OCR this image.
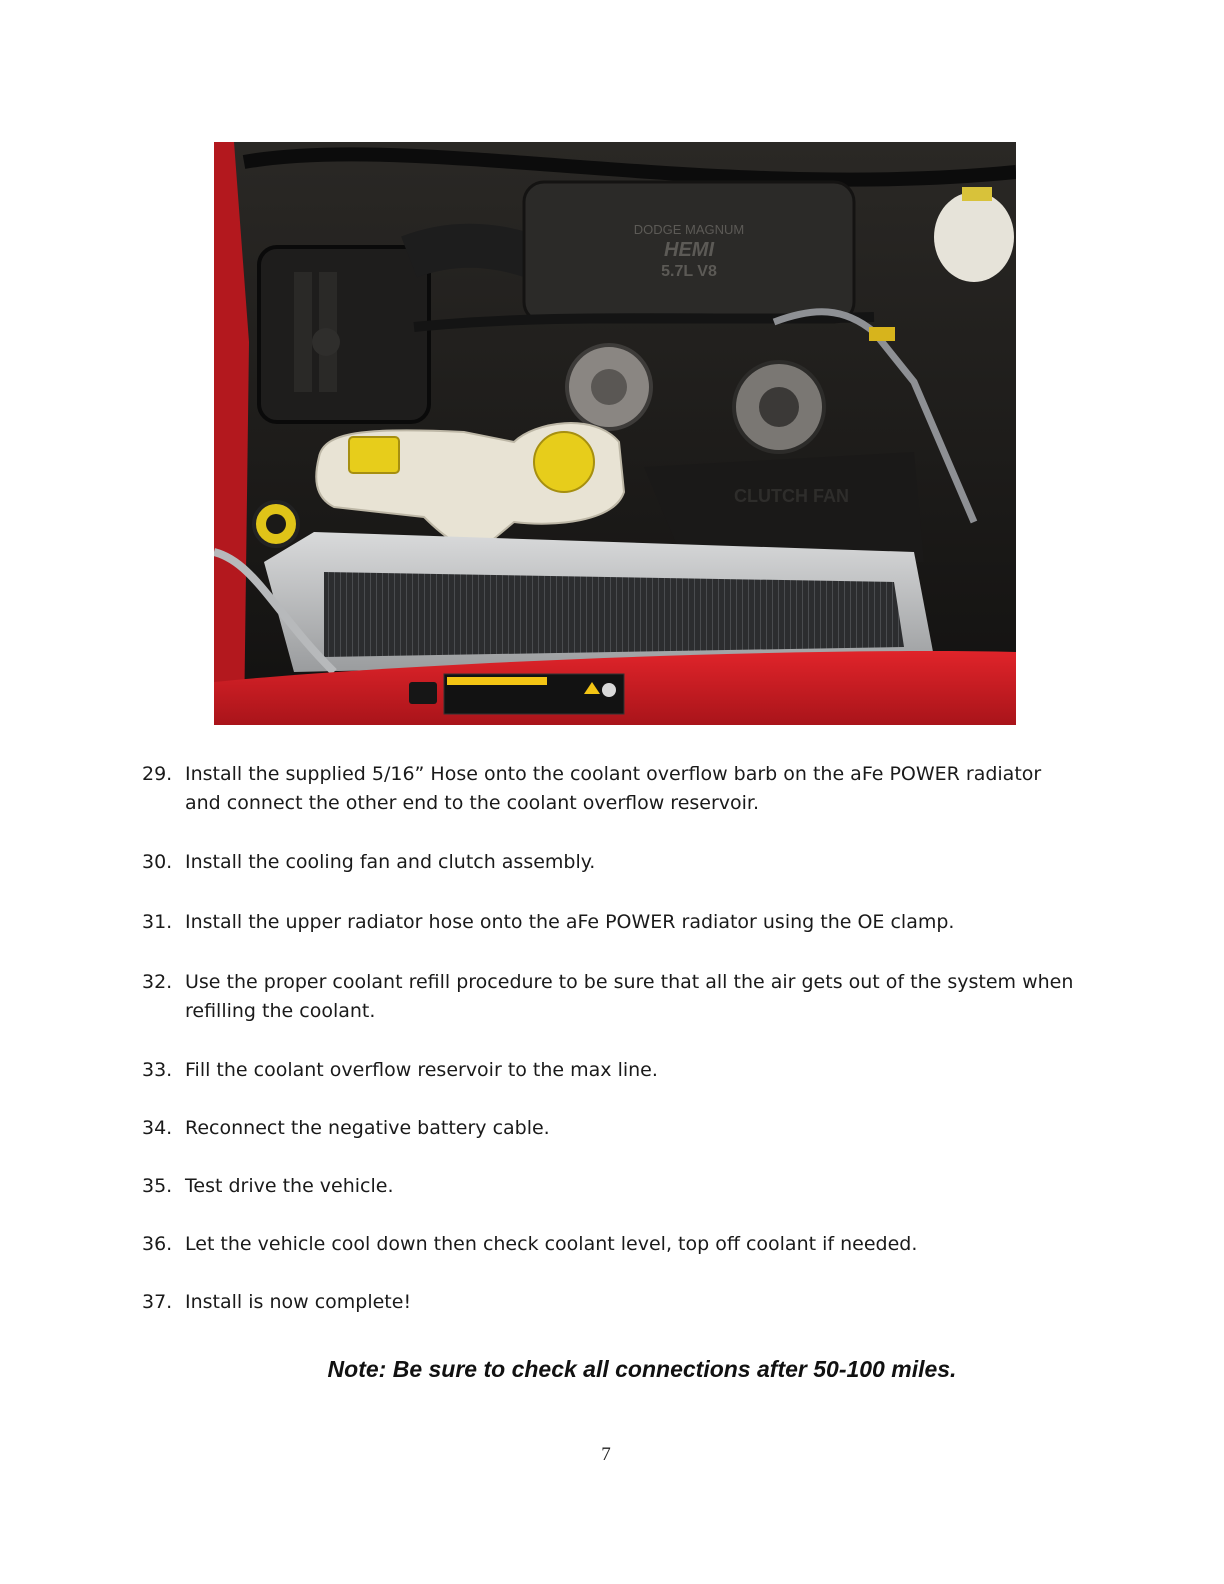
DODGE MAGNUM
HEMI
5.7L V8
CLUTCH FAN
29. Install the supplied 5/16” Hose onto the coolant overflow barb on the aFe POWER radiator and connect the other end to the coolant overflow reservoir.
30. Install the cooling fan and clutch assembly.
31. Install the upper radiator hose onto the aFe POWER radiator using the OE clamp.
32. Use the proper coolant refill procedure to be sure that all the air gets out of the system when refilling the coolant.
33. Fill the coolant overflow reservoir to the max line.
34. Reconnect the negative battery cable.
35. Test drive the vehicle.
36. Let the vehicle cool down then check coolant level, top off coolant if needed.
37. Install is now complete!
Note: Be sure to check all connections after 50-100 miles.
7
